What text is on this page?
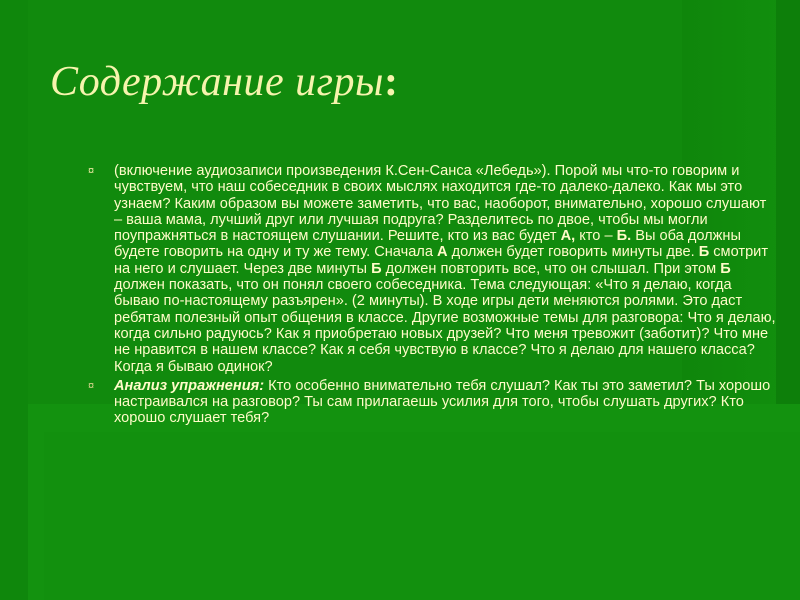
Содержание игры:
¤ (включение аудиозаписи произведения К.Сен-Санса «Лебедь»). Порой мы что-то говорим и чувствуем, что наш собеседник в своих мыслях находится где-то далеко-далеко. Как мы это узнаем? Каким образом вы можете заметить, что вас, наоборот, внимательно, хорошо слушают – ваша мама, лучший друг или лучшая подруга? Разделитесь по двое, чтобы мы могли поупражняться в настоящем слушании. Решите, кто из вас будет А, кто – Б. Вы оба должны будете говорить на одну и ту же тему. Сначала А должен будет говорить минуты две. Б смотрит на него и слушает. Через две минуты Б должен повторить все, что он слышал. При этом Б должен показать, что он понял своего собеседника. Тема следующая: «Что я делаю, когда бываю по-настоящему разъярен». (2 минуты). В ходе игры дети меняются ролями. Это даст ребятам полезный опыт общения в классе. Другие возможные темы для разговора: Что я делаю, когда сильно радуюсь? Как я приобретаю новых друзей? Что меня тревожит (заботит)? Что мне не нравится в нашем классе? Как я себя чувствую в классе? Что я делаю для нашего класса? Когда я бываю одинок?
¤ Анализ упражнения: Кто особенно внимательно тебя слушал? Как ты это заметил? Ты хорошо настраивался на разговор? Ты сам прилагаешь усилия для того, чтобы слушать других? Кто хорошо слушает тебя?
